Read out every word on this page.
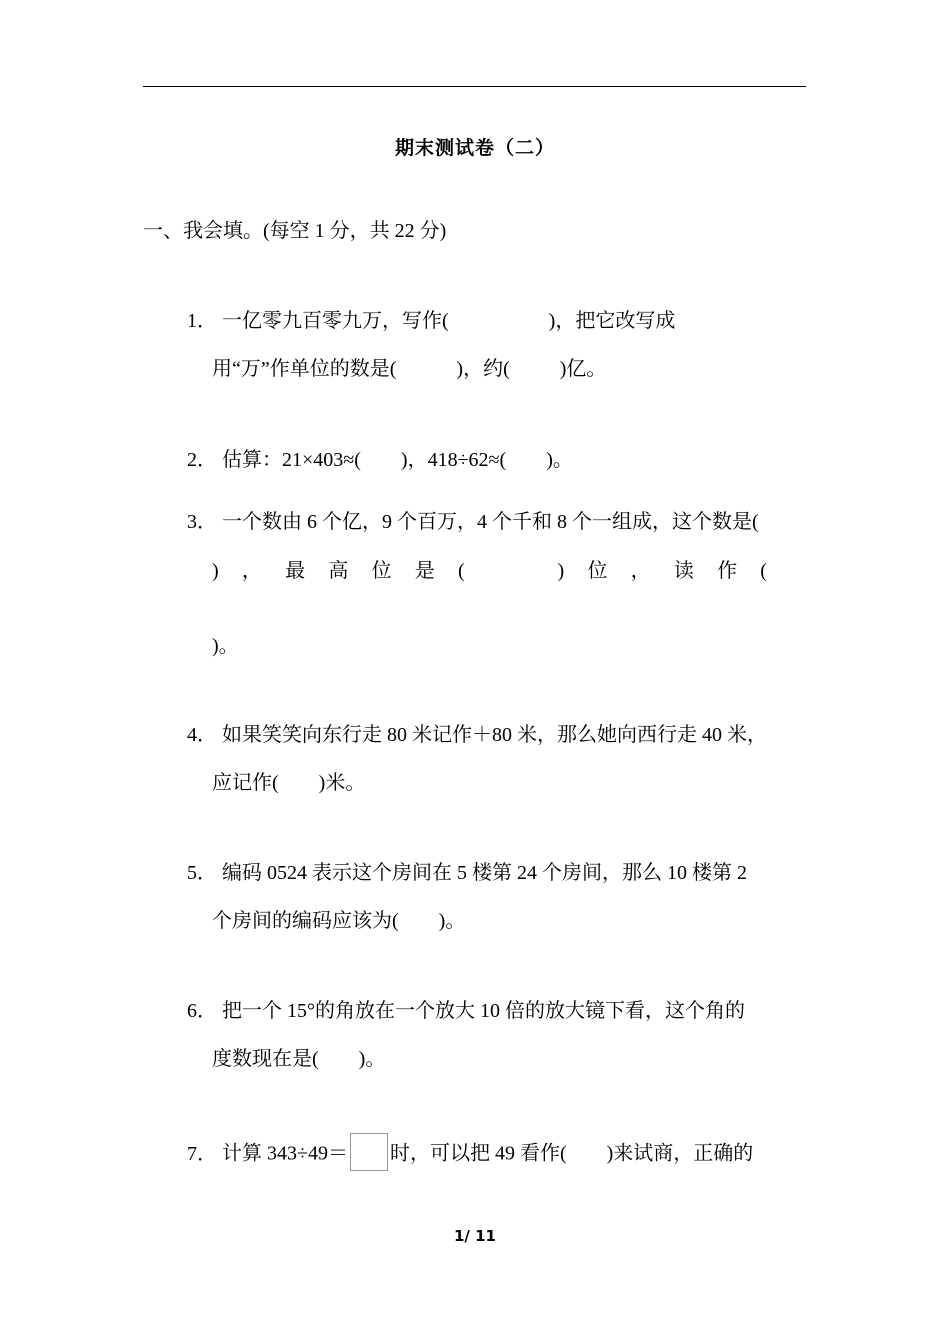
期末测试卷（二）
一、我会填。(每空 1 分，共 22 分)

1． 一亿零九百零九万，写作(                    )，把它改写成

用“万”作单位的数是(            )，约(          )亿。

2． 估算：21×403≈(        )，418÷62≈(        )。

3． 一个数由 6 个亿，9 个百万，4 个千和 8 个一组成，这个数是(

) ， 最 高 位 是 (	) 位 ， 读 作 (
)。

4． 如果笑笑向东行走 80 米记作＋80 米，那么她向西行走 40 米，

应记作(        )米。

5． 编码 0524 表示这个房间在 5 楼第 24 个房间，那么 10 楼第 2

个房间的编码应该为(        )。

6． 把一个 15°的角放在一个放大 10 倍的放大镜下看，这个角的

度数现在是(        )。

7． 计算 343÷49＝ 时，可以把 49 看作(        )来试商，正确的

1/ 11
